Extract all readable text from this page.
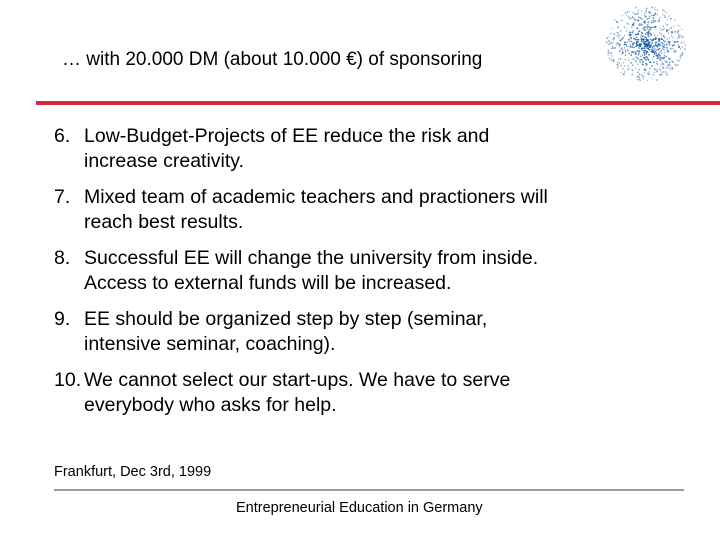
… with 20.000 DM (about 10.000 €) of sponsoring
6. Low-Budget-Projects of EE reduce the risk and
increase creativity.
7. Mixed team of academic teachers and practioners will
reach best results.
8. Successful EE will change the university from inside.
Access to external funds will be increased.
9. EE should be organized step by step (seminar,
intensive seminar, coaching).
10. We cannot select our start-ups. We have to serve
everybody who asks for help.
Frankfurt, Dec 3rd, 1999
Entrepreneurial Education in Germany
